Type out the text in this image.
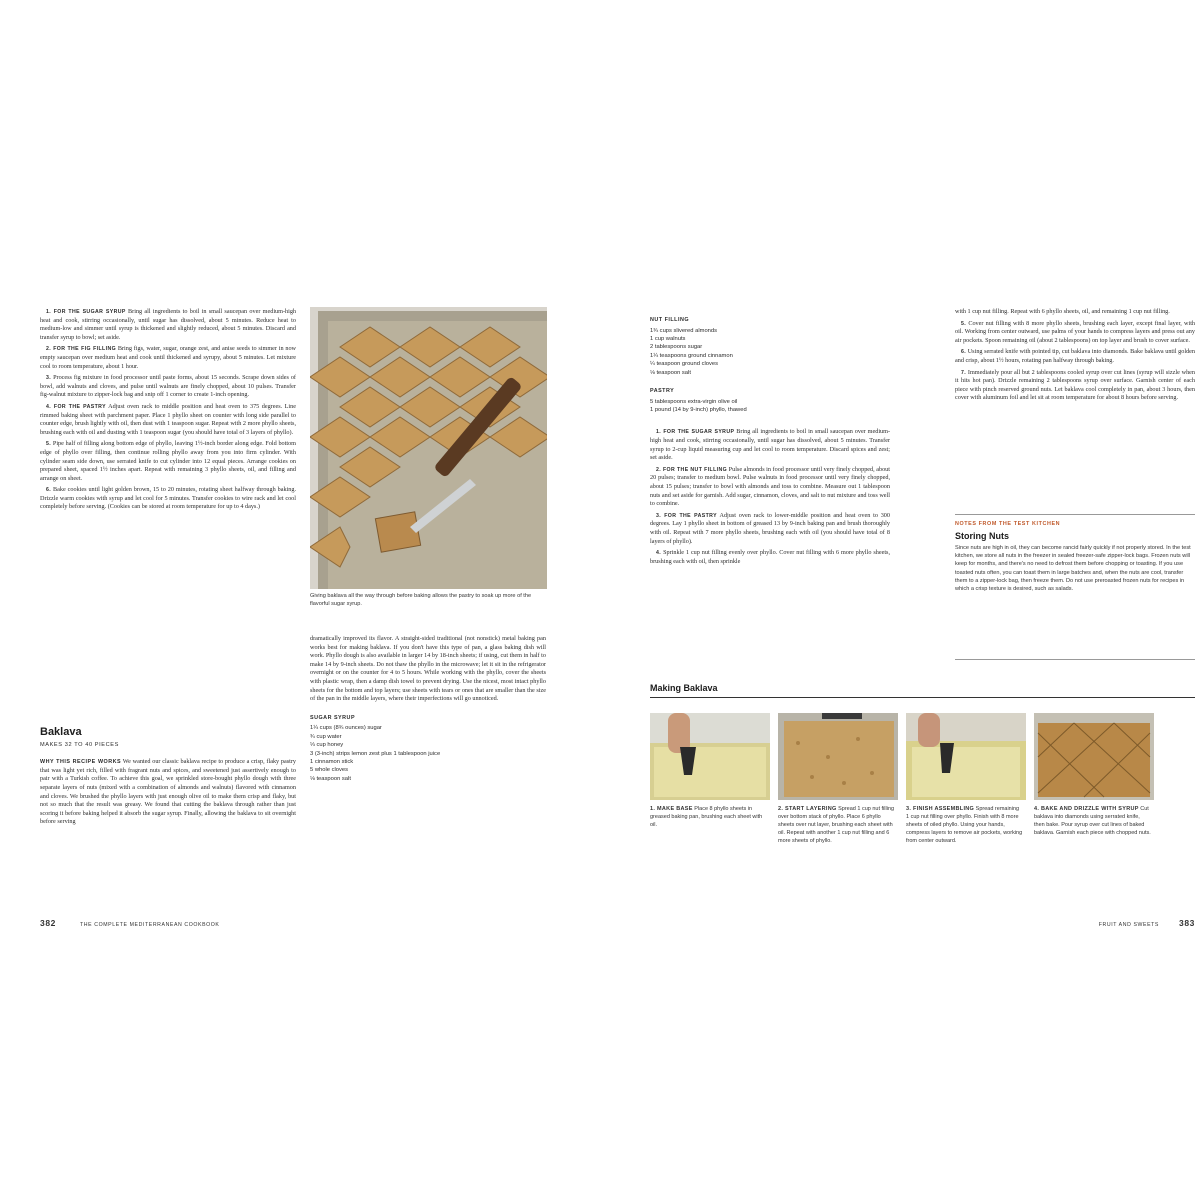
1. FOR THE SUGAR SYRUP Bring all ingredients to boil in small saucepan over medium-high heat and cook, stirring occasionally, until sugar has dissolved, about 5 minutes. Reduce heat to medium-low and simmer until syrup is thickened and slightly reduced, about 5 minutes. Discard and transfer syrup to bowl; set aside.

2. FOR THE FIG FILLING Bring figs, water, sugar, orange zest, and anise seeds to simmer in now empty saucepan over medium heat and cook until thickened and syrupy, about 5 minutes. Let mixture cool to room temperature, about 1 hour.

3. Process fig mixture in food processor until paste forms, about 15 seconds. Scrape down sides of bowl, add walnuts and cloves, and pulse until walnuts are finely chopped, about 10 pulses. Transfer fig-walnut mixture to zipper-lock bag and snip off 1 corner to create 1-inch opening.

4. FOR THE PASTRY Adjust oven rack to middle position and heat oven to 375 degrees. Line rimmed baking sheet with parchment paper. Place 1 phyllo sheet on counter with long side parallel to counter edge, brush lightly with oil, then dust with 1 teaspoon sugar. Repeat with 2 more phyllo sheets, brushing each with oil and dusting with 1 teaspoon sugar (you should have total of 3 layers of phyllo).

5. Pipe half of filling along bottom edge of phyllo, leaving 1½-inch border along edge. Fold bottom edge of phyllo over filling, then continue rolling phyllo away from you into firm cylinder. With cylinder seam side down, use serrated knife to cut cylinder into 12 equal pieces. Arrange cookies on prepared sheet, spaced 1½ inches apart. Repeat with remaining 3 phyllo sheets, oil, and filling and arrange on sheet.

6. Bake cookies until light golden brown, 15 to 20 minutes, rotating sheet halfway through baking. Drizzle warm cookies with syrup and let cool for 5 minutes. Transfer cookies to wire rack and let cool completely before serving. (Cookies can be stored at room temperature for up to 4 days.)

Baklava
MAKES 32 TO 40 PIECES

WHY THIS RECIPE WORKS We wanted our classic baklava recipe to produce a crisp, flaky pastry that was light yet rich, filled with fragrant nuts and spices, and sweetened just assertively enough to pair with a Turkish coffee. To achieve this goal, we sprinkled store-bought phyllo dough with three separate layers of nuts (mixed with a combination of almonds and walnuts) flavored with cinnamon and cloves. We brushed the phyllo layers with just enough olive oil to make them crisp and flaky, but not so much that the result was greasy. We found that cutting the baklava through rather than just scoring it before baking helped it absorb the sugar syrup. Finally, allowing the baklava to sit overnight before serving

Giving baklava all the way through before baking allows the pastry to soak up more of the flavorful sugar syrup.

dramatically improved its flavor. A straight-sided traditional (not nonstick) metal baking pan works best for making baklava. If you don't have this type of pan, a glass baking dish will work. Phyllo dough is also available in larger 14 by 18-inch sheets; if using, cut them in half to make 14 by 9-inch sheets. Do not thaw the phyllo in the microwave; let it sit in the refrigerator overnight or on the counter for 4 to 5 hours. While working with the phyllo, cover the sheets with plastic wrap, then a damp dish towel to prevent drying. Use the nicest, most intact phyllo sheets for the bottom and top layers; use sheets with tears or ones that are smaller than the size of the pan in the middle layers, where their imperfections will go unnoticed.

SUGAR SYRUP
1¼ cups (8¾ ounces) sugar
¾ cup water
⅓ cup honey
3 (3-inch) strips lemon zest plus 1 tablespoon juice
1 cinnamon stick
5 whole cloves
⅛ teaspoon salt
382	THE COMPLETE MEDITERRANEAN COOKBOOK
NUT FILLING
1¾ cups slivered almonds
1 cup walnuts
2 tablespoons sugar
1¼ teaspoons ground cinnamon
¼ teaspoon ground cloves
⅛ teaspoon salt
PASTRY
5 tablespoons extra-virgin olive oil
1 pound (14 by 9-inch) phyllo, thawed

1. FOR THE SUGAR SYRUP Bring all ingredients to boil in small saucepan over medium-high heat and cook, stirring occasionally, until sugar has dissolved, about 5 minutes. Transfer syrup to 2-cup liquid measuring cup and let cool to room temperature. Discard spices and zest; set aside.

2. FOR THE NUT FILLING Pulse almonds in food processor until very finely chopped, about 20 pulses; transfer to medium bowl. Pulse walnuts in food processor until very finely chopped, about 15 pulses; transfer to bowl with almonds and toss to combine. Measure out 1 tablespoon nuts and set aside for garnish. Add sugar, cinnamon, cloves, and salt to nut mixture and toss well to combine.

3. FOR THE PASTRY Adjust oven rack to lower-middle position and heat oven to 300 degrees. Lay 1 phyllo sheet in bottom of greased 13 by 9-inch baking pan and brush thoroughly with oil. Repeat with 7 more phyllo sheets, brushing each with oil (you should have total of 8 layers of phyllo).

4. Sprinkle 1 cup nut filling evenly over phyllo. Cover nut filling with 6 more phyllo sheets, brushing each with oil, then sprinkle

with 1 cup nut filling. Repeat with 6 phyllo sheets, oil, and remaining 1 cup nut filling.

5. Cover nut filling with 8 more phyllo sheets, brushing each layer, except final layer, with oil. Working from center outward, use palms of your hands to compress layers and press out any air pockets. Spoon remaining oil (about 2 tablespoons) on top layer and brush to cover surface.

6. Using serrated knife with pointed tip, cut baklava into diamonds. Bake baklava until golden and crisp, about 1½ hours, rotating pan halfway through baking.

7. Immediately pour all but 2 tablespoons cooled syrup over cut lines (syrup will sizzle when it hits hot pan). Drizzle remaining 2 tablespoons syrup over surface. Garnish center of each piece with pinch reserved ground nuts. Let baklava cool completely in pan, about 3 hours, then cover with aluminum foil and let sit at room temperature for about 8 hours before serving.

NOTES FROM THE TEST KITCHEN
Storing Nuts
Since nuts are high in oil, they can become rancid fairly quickly if not properly stored. In the test kitchen, we store all nuts in the freezer in sealed freezer-safe zipper-lock bags. Frozen nuts will keep for months, and there's no need to defrost them before chopping or toasting. If you use toasted nuts often, you can toast them in large batches and, when the nuts are cool, transfer them to a zipper-lock bag, then freeze them. Do not use preroasted frozen nuts for recipes in which a crisp texture is desired, such as salads.
Making Baklava
1. MAKE BASE Place 8 phyllo sheets in greased baking pan, brushing each sheet with oil.
2. START LAYERING Spread 1 cup nut filling over bottom stack of phyllo. Place 6 phyllo sheets over nut layer, brushing each sheet with oil. Repeat with another 1 cup nut filling and 6 more sheets of phyllo.
3. FINISH ASSEMBLING Spread remaining 1 cup nut filling over phyllo. Finish with 8 more sheets of oiled phyllo. Using your hands, compress layers to remove air pockets, working from center outward.
4. BAKE AND DRIZZLE WITH SYRUP Cut baklava into diamonds using serrated knife, then bake. Pour syrup over cut lines of baked baklava. Garnish each piece with chopped nuts.
FRUIT AND SWEETS 383
